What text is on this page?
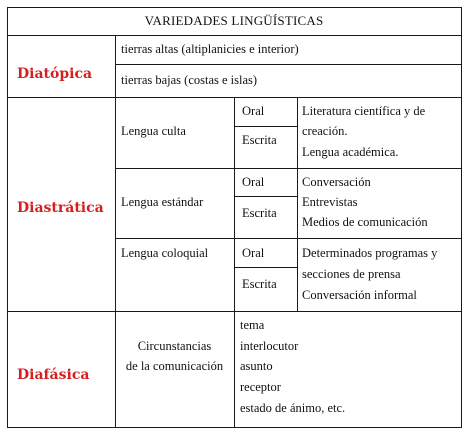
VARIEDADES LINGÜÍSTICAS
Diatópica
tierras altas (altiplanicies e interior)
tierras bajas (costas e islas)
Diastrática
Lengua culta
Oral
Escrita
Literatura científica y de
creación.
Lengua académica.
Lengua estándar
Oral
Escrita
Conversación
Entrevistas
Medios de comunicación
Lengua coloquial	Oral
Escrita
Determinados programas y
secciones de prensa
Conversación informal
Diafásica
Circunstancias
de la comunicación
tema
interlocutor
asunto
receptor
estado de ánimo, etc.
